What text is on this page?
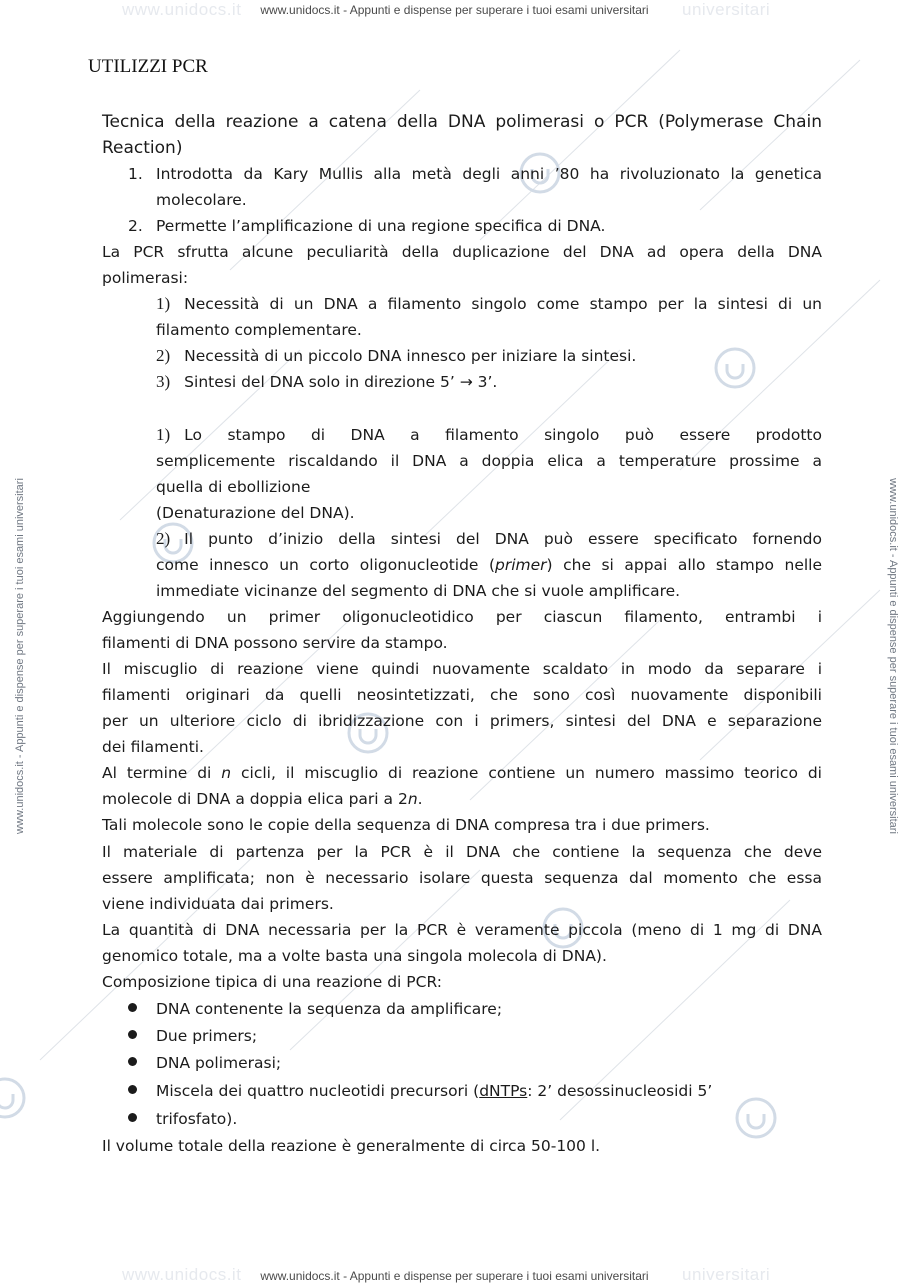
www.unidocs.it	universitari
www.unidocs.it	universitari
www.unidocs.it - Appunti e dispense per superare i tuoi esami universitari
www.unidocs.it - Appunti e dispense per superare i tuoi esami universitari
www.unidocs.it - Appunti e dispense per superare i tuoi esami universitari	www.unidocs.it - Appunti e dispense per superare i tuoi esami universitari
UTILIZZI PCR
Tecnica della reazione a catena della DNA polimerasi o PCR (Polymerase Chain
Reaction)
1. Introdotta da Kary Mullis alla metà degli anni ’80 ha rivoluzionato la genetica
molecolare.
2. Permette l’amplificazione di una regione specifica di DNA.
La PCR sfrutta alcune peculiarità della duplicazione del DNA ad opera della DNA
polimerasi:
1) Necessità di un DNA a filamento singolo come stampo per la sintesi di un
filamento complementare.
2) Necessità di un piccolo DNA innesco per iniziare la sintesi.
3) Sintesi del DNA solo in direzione 5’ → 3’.
1) Lo stampo di DNA a filamento singolo può essere prodotto
semplicemente riscaldando il DNA a doppia elica a temperature prossime a
quella di ebollizione
(Denaturazione del DNA).
2) Il punto d’inizio della sintesi del DNA può essere specificato fornendo
come innesco un corto oligonucleotide (primer) che si appai allo stampo nelle
immediate vicinanze del segmento di DNA che si vuole amplificare.
Aggiungendo un primer oligonucleotidico per ciascun filamento, entrambi i
filamenti di DNA possono servire da stampo.
Il miscuglio di reazione viene quindi nuovamente scaldato in modo da separare i
filamenti originari da quelli neosintetizzati, che sono così nuovamente disponibili
per un ulteriore ciclo di ibridizzazione con i primers, sintesi del DNA e separazione
dei filamenti.
Al termine di n cicli, il miscuglio di reazione contiene un numero massimo teorico di
molecole di DNA a doppia elica pari a 2n.
Tali molecole sono le copie della sequenza di DNA compresa tra i due primers.
Il materiale di partenza per la PCR è il DNA che contiene la sequenza che deve
essere amplificata; non è necessario isolare questa sequenza dal momento che essa
viene individuata dai primers.
La quantità di DNA necessaria per la PCR è veramente piccola (meno di 1 mg di DNA
genomico totale, ma a volte basta una singola molecola di DNA).
Composizione tipica di una reazione di PCR:
DNA contenente la sequenza da amplificare;
Due primers;
DNA polimerasi;
Miscela dei quattro nucleotidi precursori (dNTPs: 2’ desossinucleosidi 5’
trifosfato).
Il volume totale della reazione è generalmente di circa 50-100 l.
